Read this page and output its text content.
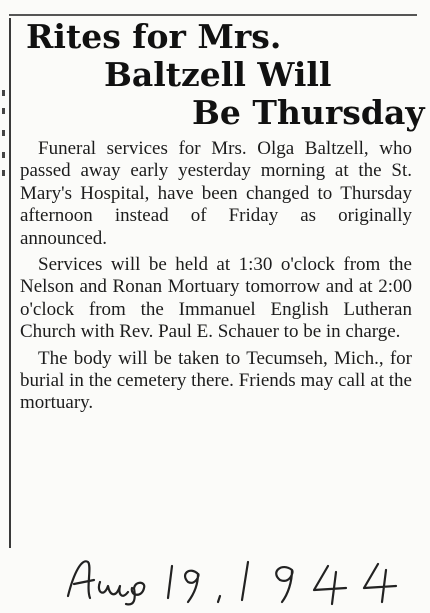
Rites for Mrs.
Baltzell Will
Be Thursday

Funeral services for Mrs. Olga Baltzell, who passed away early yesterday morning at the St. Mary's Hospital, have been changed to Thursday afternoon instead of Friday as originally announced.

Services will be held at 1:30 o'clock from the Nelson and Ronan Mortuary tomorrow and at 2:00 o'clock from the Immanuel English Lutheran Church with Rev. Paul E. Schauer to be in charge.

The body will be taken to Tecumseh, Mich., for burial in the cemetery there. Friends may call at the mortuary.
